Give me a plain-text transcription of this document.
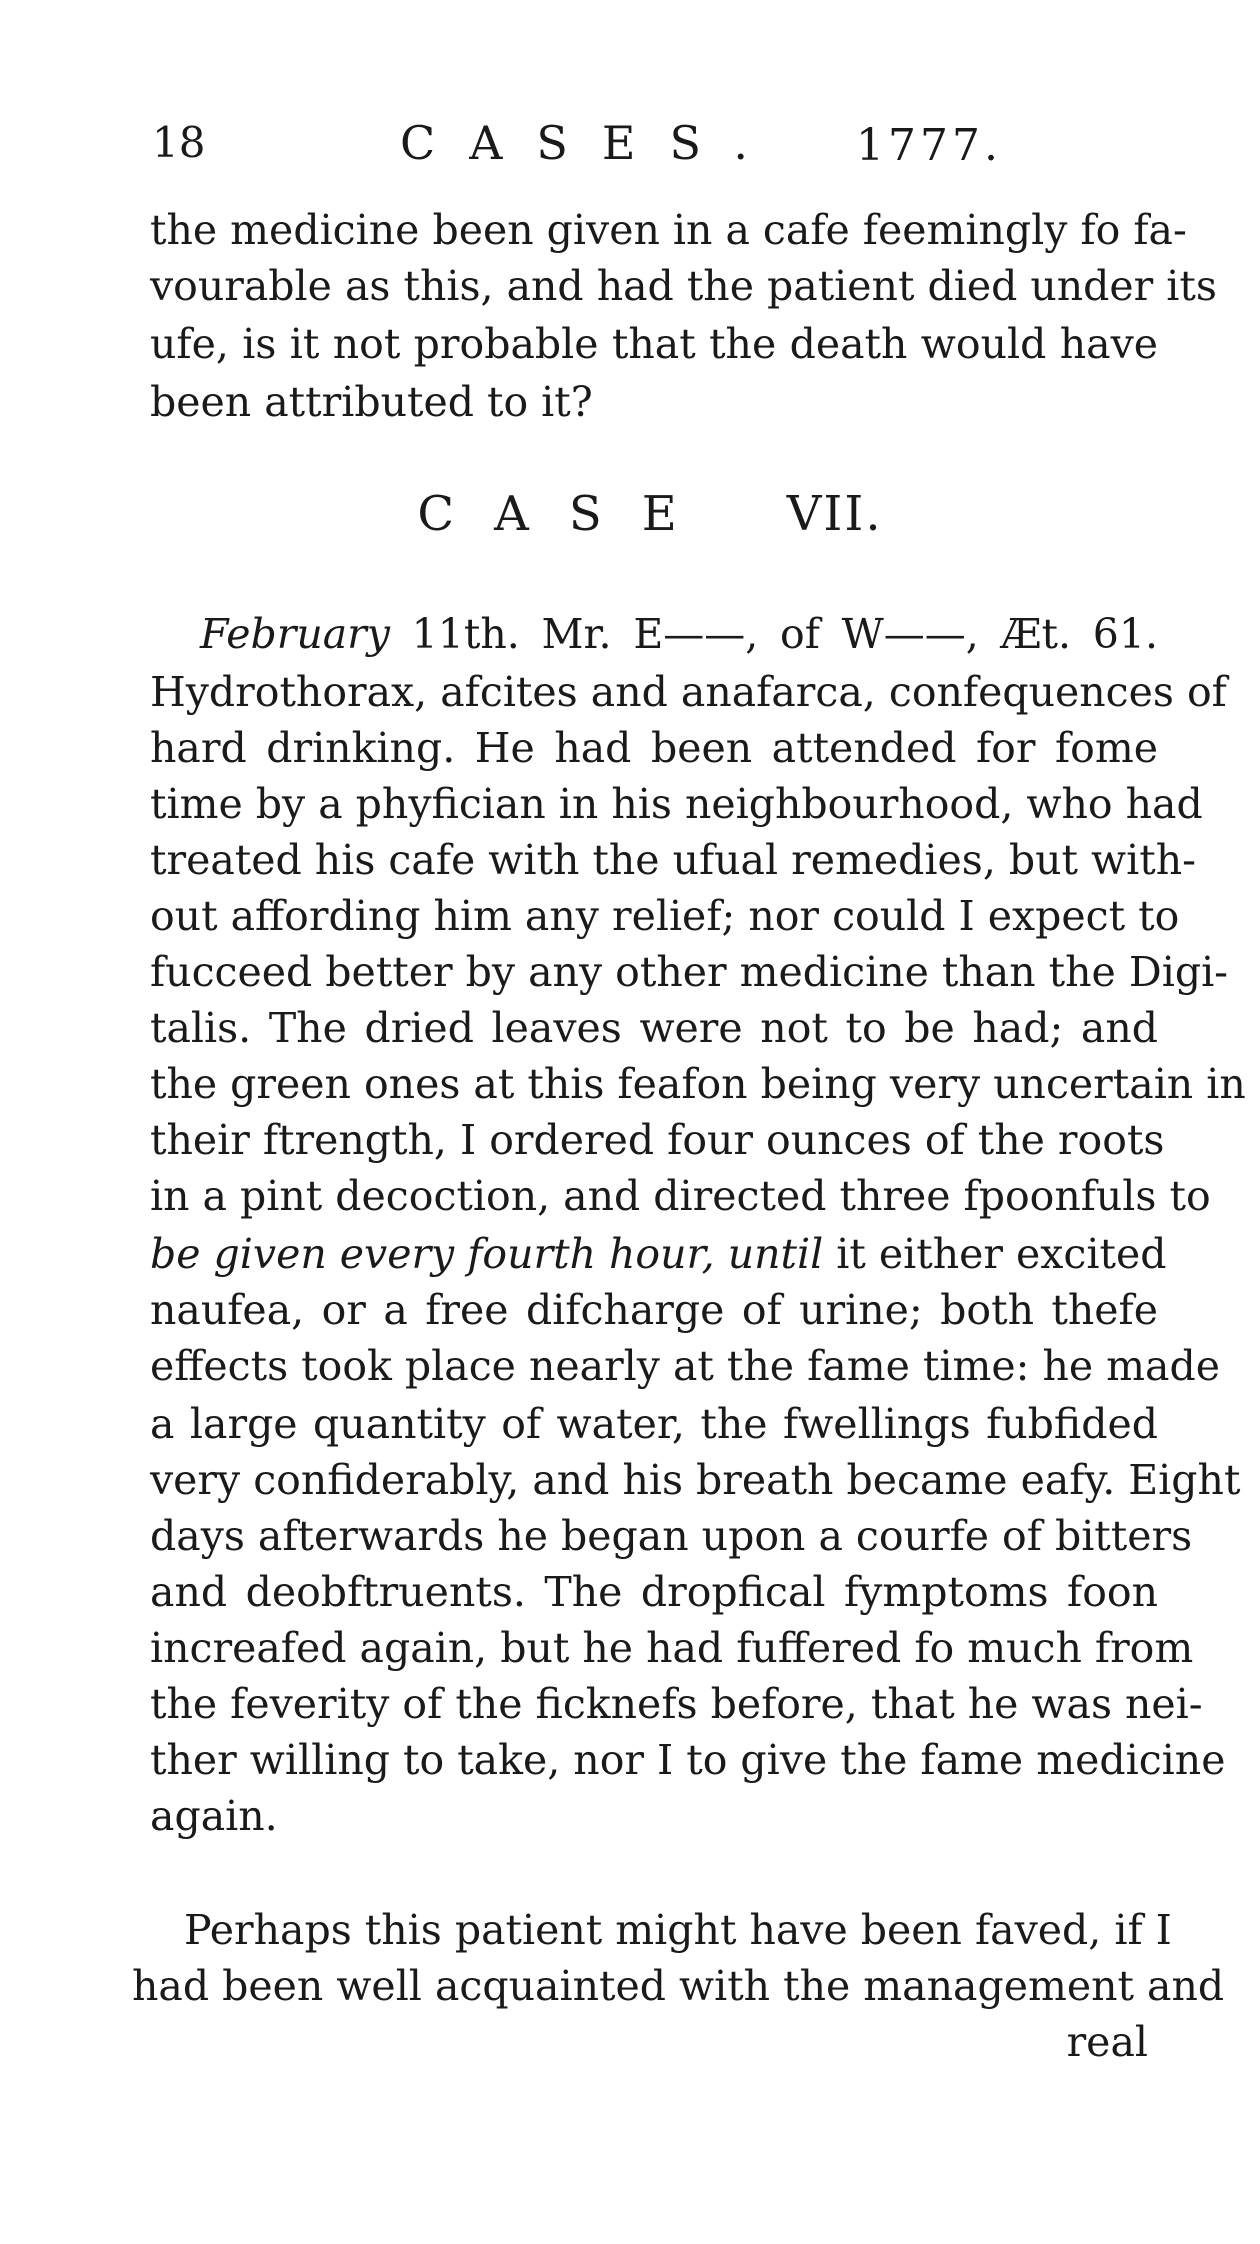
18	CASES. 1777.
the medicine been given in a cafe feemingly fo fa-
vourable as this, and had the patient died under its
ufe, is it not probable that the death would have
been attributed to it?
CASE VII.
February 11th. Mr. E——, of W——, Æt. 61.
Hydrothorax, afcites and anafarca, confequences of
hard drinking. He had been attended for fome
time by a phyfician in his neighbourhood, who had
treated his cafe with the ufual remedies, but with-
out affording him any relief; nor could I expect to
fucceed better by any other medicine than the Digi-
talis. The dried leaves were not to be had; and
the green ones at this feafon being very uncertain in
their ftrength, I ordered four ounces of the roots
in a pint decoction, and directed three fpoonfuls to
be given every fourth hour, until it either excited
naufea, or a free difcharge of urine; both thefe
effects took place nearly at the fame time: he made
a large quantity of water, the fwellings fubfided
very confiderably, and his breath became eafy. Eight
days afterwards he began upon a courfe of bitters
and deobftruents. The dropfical fymptoms foon
increafed again, but he had fuffered fo much from
the feverity of the ficknefs before, that he was nei-
ther willing to take, nor I to give the fame medicine
again.
Perhaps this patient might have been faved, if I
had been well acquainted with the management and
real
